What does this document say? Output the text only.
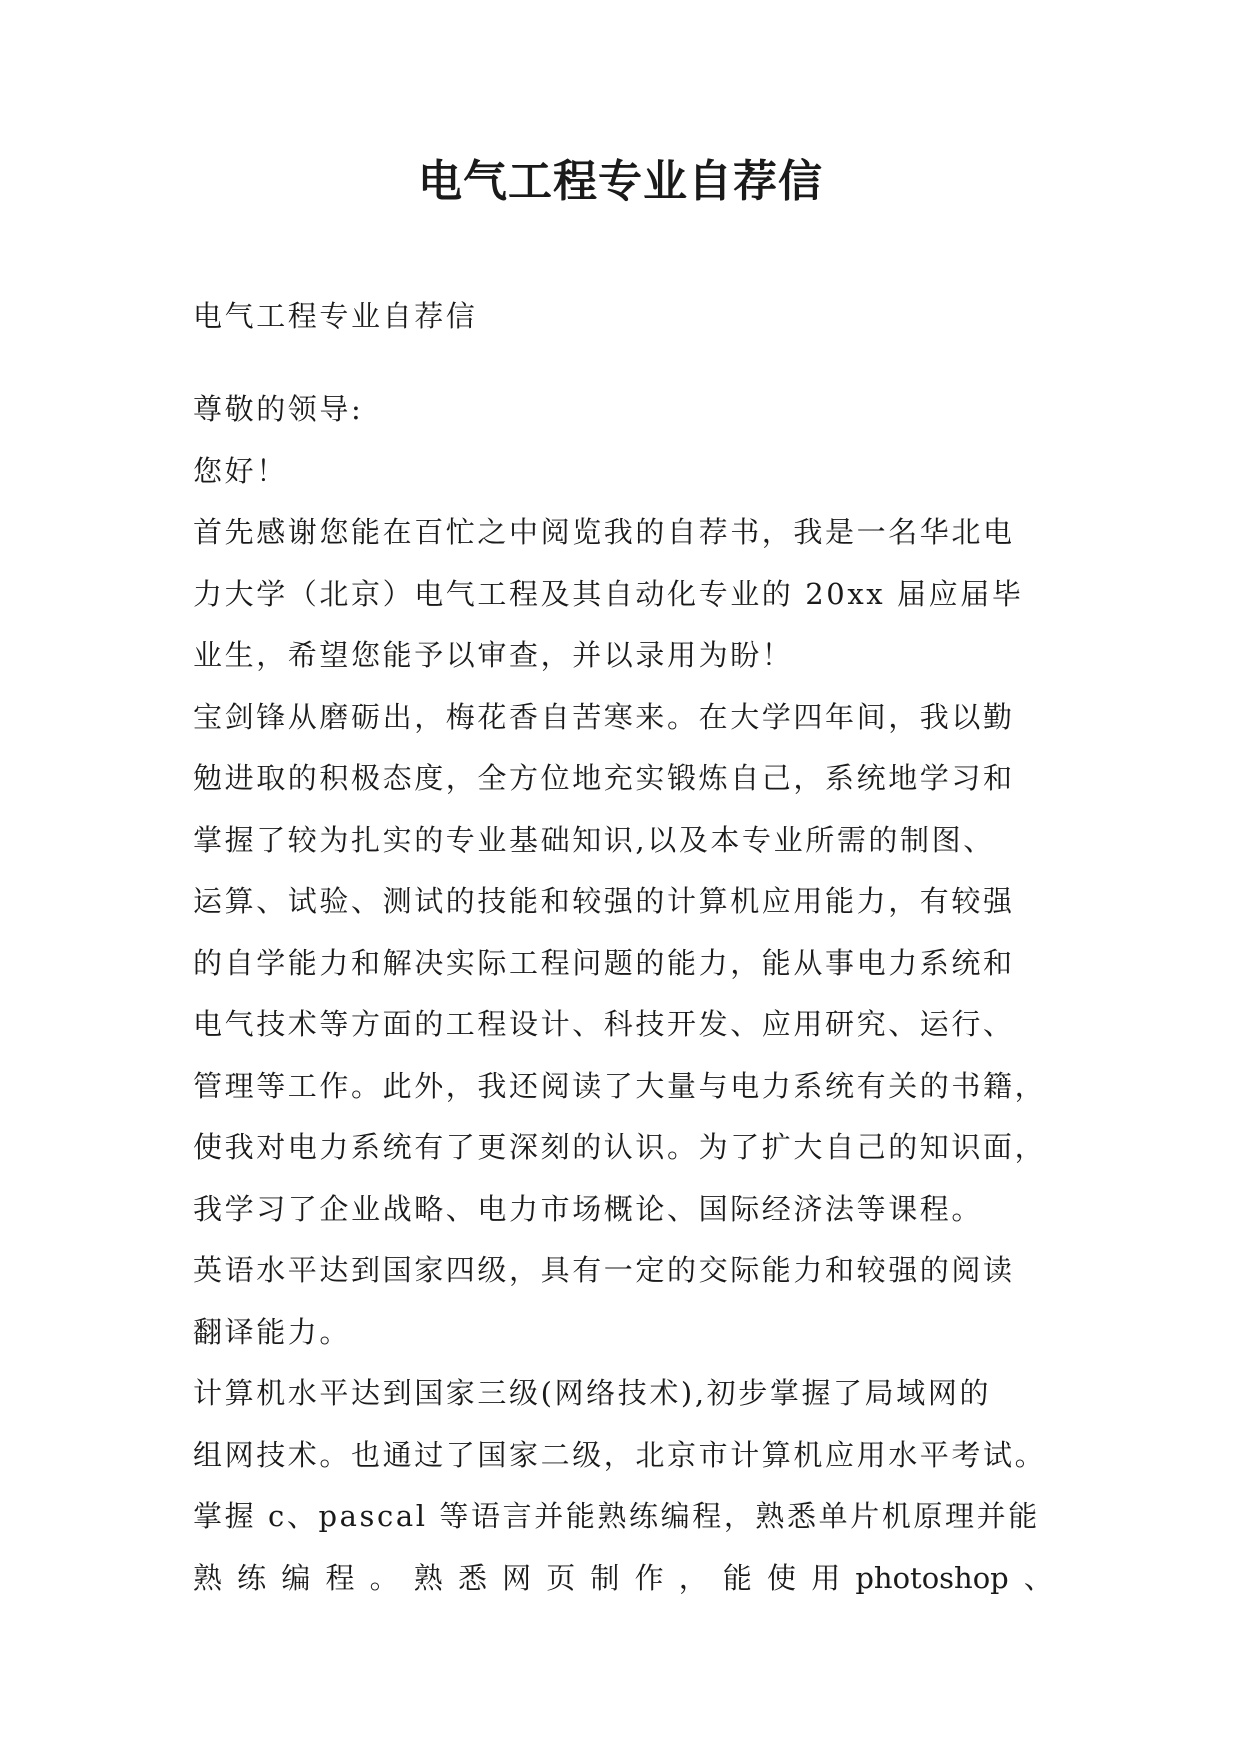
电气工程专业自荐信
电气工程专业自荐信
尊敬的领导:
您好！
首先感谢您能在百忙之中阅览我的自荐书，我是一名华北电
力大学（北京）电气工程及其自动化专业的 20xx 届应届毕
业生，希望您能予以审查，并以录用为盼！
宝剑锋从磨砺出，梅花香自苦寒来。在大学四年间，我以勤
勉进取的积极态度，全方位地充实锻炼自己，系统地学习和
掌握了较为扎实的专业基础知识,以及本专业所需的制图、
运算、试验、测试的技能和较强的计算机应用能力，有较强
的自学能力和解决实际工程问题的能力，能从事电力系统和
电气技术等方面的工程设计、科技开发、应用研究、运行、
管理等工作。此外，我还阅读了大量与电力系统有关的书籍，
使我对电力系统有了更深刻的认识。为了扩大自己的知识面，
我学习了企业战略、电力市场概论、国际经济法等课程。
英语水平达到国家四级，具有一定的交际能力和较强的阅读
翻译能力。
计算机水平达到国家三级(网络技术),初步掌握了局域网的
组网技术。也通过了国家二级，北京市计算机应用水平考试。
掌握 c、pascal 等语言并能熟练编程，熟悉单片机原理并能
熟 练 编 程 。 熟 悉 网 页 制 作 ， 能 使 用 photoshop 、
